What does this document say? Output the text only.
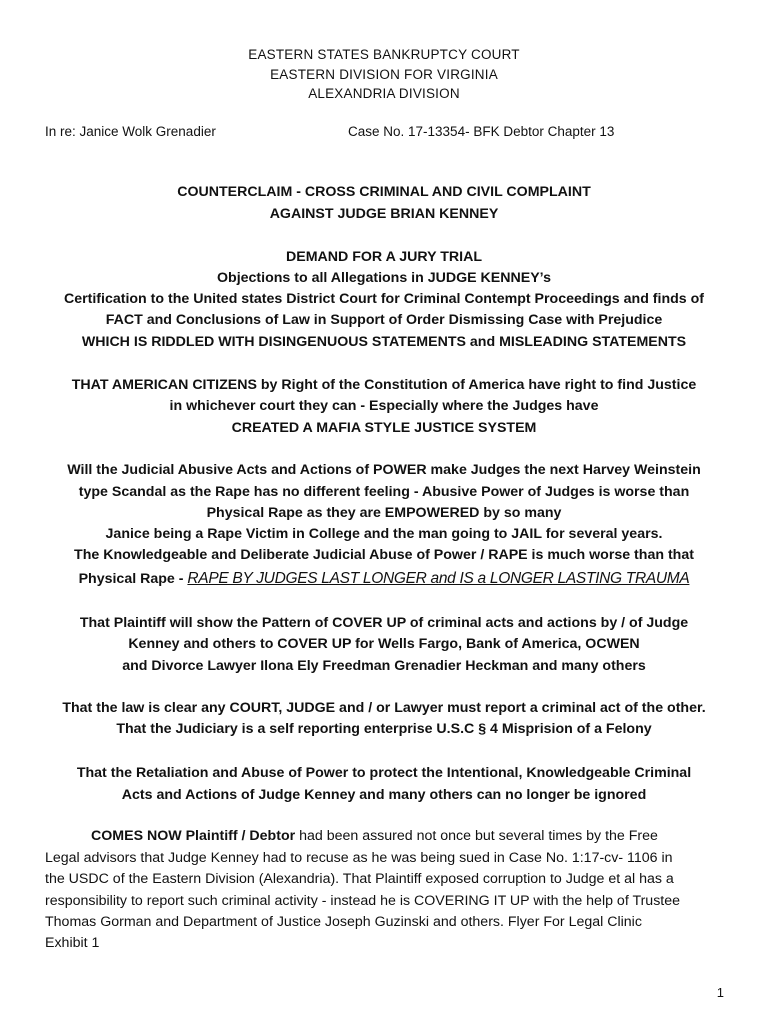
EASTERN STATES BANKRUPTCY COURT
EASTERN DIVISION FOR VIRGINIA
ALEXANDRIA DIVISION
In re: Janice Wolk Grenadier	Case No. 17-13354- BFK Debtor Chapter 13
COUNTERCLAIM - CROSS CRIMINAL AND CIVIL COMPLAINT
AGAINST JUDGE BRIAN KENNEY
DEMAND FOR A JURY TRIAL
Objections to all Allegations in JUDGE KENNEY’s
Certification to the United states District Court for Criminal Contempt Proceedings and finds of
FACT and Conclusions of Law in Support of Order Dismissing Case with Prejudice
WHICH IS RIDDLED WITH DISINGENUOUS STATEMENTS and MISLEADING STATEMENTS
THAT AMERICAN CITIZENS by Right of the Constitution of America have right to find Justice
in whichever court they can - Especially where the Judges have
CREATED A MAFIA STYLE JUSTICE SYSTEM
Will the Judicial Abusive Acts and Actions of POWER make Judges the next Harvey Weinstein
type Scandal as the Rape has no different feeling - Abusive Power of Judges is worse than
Physical Rape as they are EMPOWERED by so many
Janice being a Rape Victim in College and the man going to JAIL for several years.
The Knowledgeable and Deliberate Judicial Abuse of Power / RAPE is much worse than that
Physical Rape - RAPE BY JUDGES LAST LONGER and IS a LONGER LASTING TRAUMA
That Plaintiff will show the Pattern of COVER UP of criminal acts and actions by / of Judge
Kenney and others to COVER UP for Wells Fargo, Bank of America, OCWEN
and Divorce Lawyer Ilona Ely Freedman Grenadier Heckman and many others
That the law is clear any COURT, JUDGE and / or Lawyer must report a criminal act of the other.
That the Judiciary is a self reporting enterprise U.S.C § 4 Misprision of a Felony
That the Retaliation and Abuse of Power to protect the Intentional, Knowledgeable Criminal
Acts and Actions of Judge Kenney and many others can no longer be ignored
COMES NOW Plaintiff / Debtor had been assured not once but several times by the Free
Legal advisors that Judge Kenney had to recuse as he was being sued in Case No. 1:17-cv- 1106 in
the USDC of the Eastern Division (Alexandria). That Plaintiff exposed corruption to Judge et al has a
responsibility to report such criminal activity - instead he is COVERING IT UP with the help of Trustee
Thomas Gorman and Department of Justice Joseph Guzinski and others. Flyer For Legal Clinic
Exhibit 1
1
